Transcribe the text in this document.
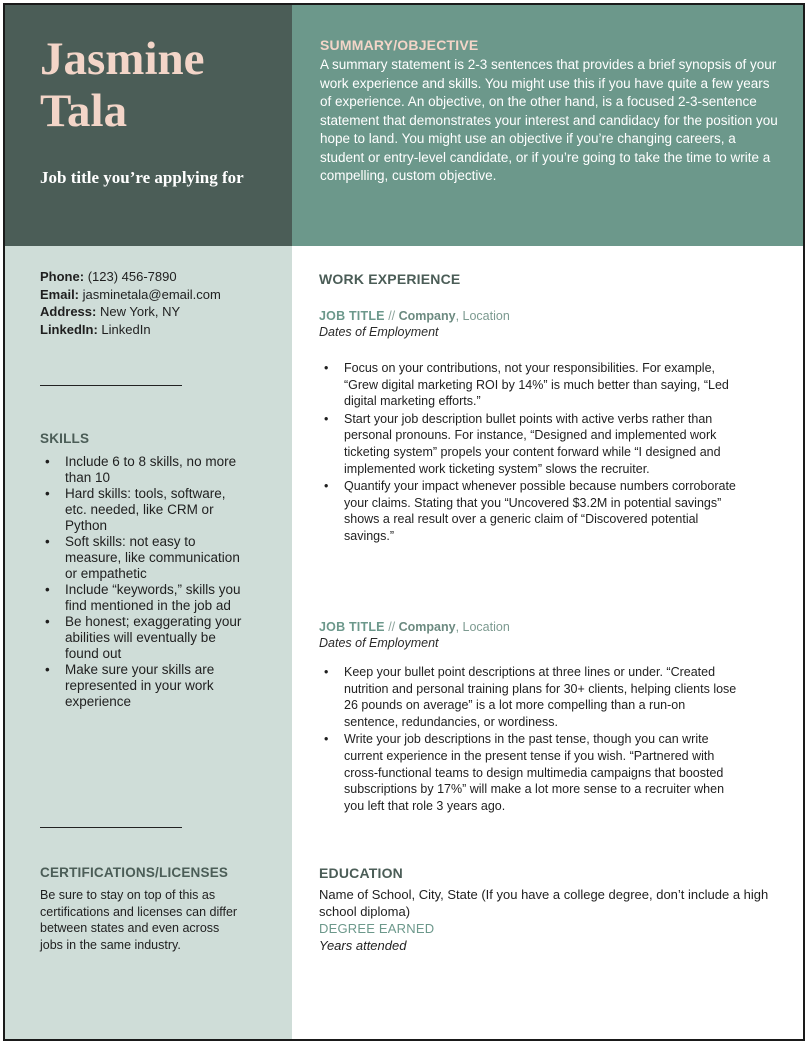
Jasmine
Tala
Job title you’re applying for
SUMMARY/OBJECTIVE
A summary statement is 2-3 sentences that provides a brief synopsis of your work experience and skills. You might use this if you have quite a few years of experience. An objective, on the other hand, is a focused 2-3-sentence statement that demonstrates your interest and candidacy for the position you hope to land. You might use an objective if you’re changing careers, a student or entry-level candidate, or if you’re going to take the time to write a compelling, custom objective.
Phone: (123) 456-7890
Email: jasminetala@email.com
Address: New York, NY
LinkedIn: LinkedIn
SKILLS
• Include 6 to 8 skills, no more than 10
• Hard skills: tools, software, etc. needed, like CRM or Python
• Soft skills: not easy to measure, like communication or empathetic
• Include “keywords,” skills you find mentioned in the job ad
• Be honest; exaggerating your abilities will eventually be found out
• Make sure your skills are represented in your work experience
CERTIFICATIONS/LICENSES
Be sure to stay on top of this as certifications and licenses can differ between states and even across jobs in the same industry.
WORK EXPERIENCE
JOB TITLE // Company, Location
Dates of Employment
• Focus on your contributions, not your responsibilities. For example, “Grew digital marketing ROI by 14%” is much better than saying, “Led digital marketing efforts.”
• Start your job description bullet points with active verbs rather than personal pronouns. For instance, “Designed and implemented work ticketing system” propels your content forward while “I designed and implemented work ticketing system” slows the recruiter.
• Quantify your impact whenever possible because numbers corroborate your claims. Stating that you “Uncovered $3.2M in potential savings” shows a real result over a generic claim of “Discovered potential savings.”
JOB TITLE // Company, Location
Dates of Employment
• Keep your bullet point descriptions at three lines or under. “Created nutrition and personal training plans for 30+ clients, helping clients lose 26 pounds on average” is a lot more compelling than a run-on sentence, redundancies, or wordiness.
• Write your job descriptions in the past tense, though you can write current experience in the present tense if you wish. “Partnered with cross-functional teams to design multimedia campaigns that boosted subscriptions by 17%” will make a lot more sense to a recruiter when you left that role 3 years ago.
EDUCATION
Name of School, City, State (If you have a college degree, don’t include a high school diploma)
DEGREE EARNED
Years attended
